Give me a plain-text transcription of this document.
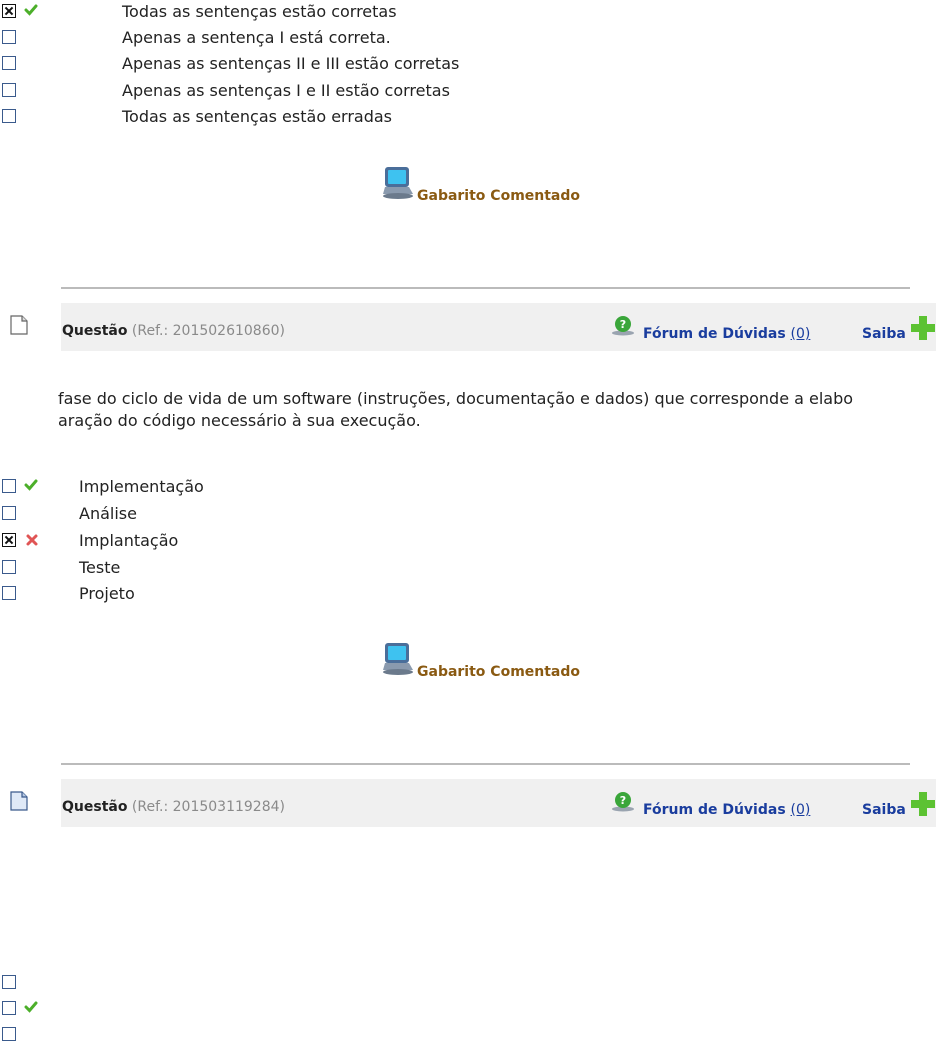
Todas as sentenças estão corretas
Apenas a sentença I está correta.
Apenas as sentenças II e III estão corretas
Apenas as sentenças I e II estão corretas
Todas as sentenças estão erradas
Gabarito Comentado
Questão (Ref.: 201502610860)	?
Fórum de Dúvidas (0)	Saiba
fase do ciclo de vida de um software (instruções, documentação e dados) que corresponde a elabo
aração do código necessário à sua execução.
Implementação
Análise
Implantação
Teste
Projeto
Gabarito Comentado
Questão (Ref.: 201503119284)	?
Fórum de Dúvidas (0)	Saiba
